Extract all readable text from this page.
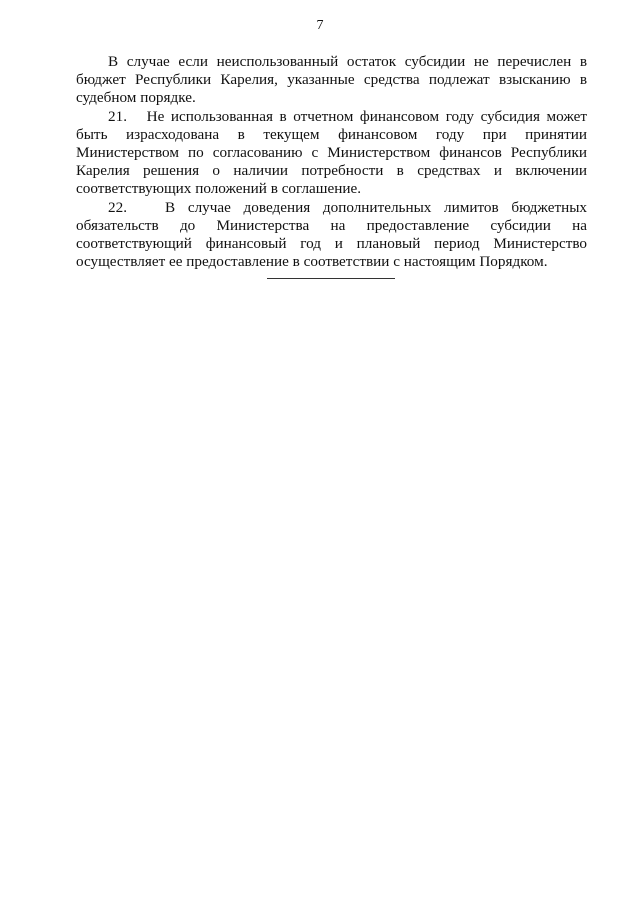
7

В случае если неиспользованный остаток субсидии не перечислен в бюджет Республики Карелия, указанные средства подлежат взысканию в судебном порядке.

21. Не использованная в отчетном финансовом году субсидия может быть израсходована в текущем финансовом году при принятии Министерством по согласованию с Министерством финансов Республики Карелия решения о наличии потребности в средствах и включении соответствующих положений в соглашение.

22.	В случае доведения дополнительных лимитов бюджетных обязательств до Министерства на предоставление субсидии на соответствующий финансовый год и плановый период Министерство осуществляет ее предоставление в соответствии с настоящим Порядком.
